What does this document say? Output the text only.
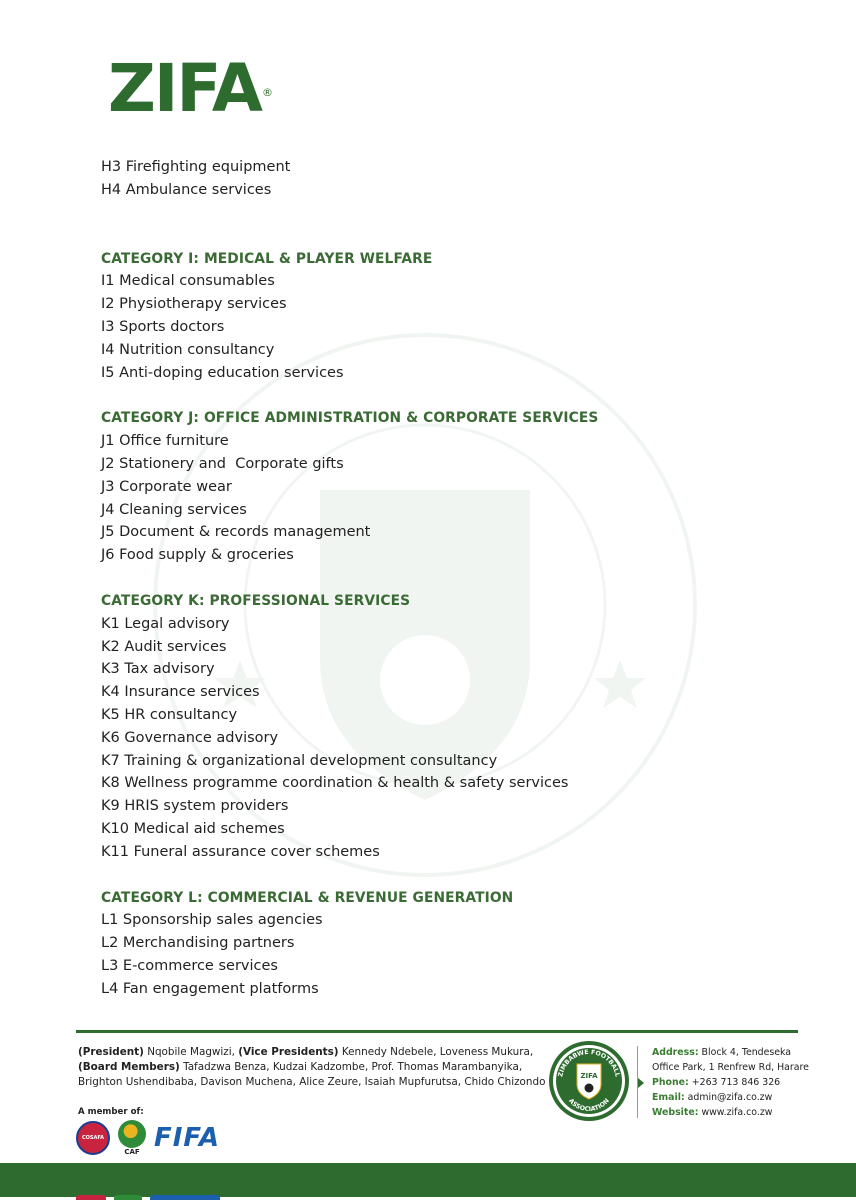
ZIFA ®
H3 Firefighting equipment
H4 Ambulance services
CATEGORY I: MEDICAL & PLAYER WELFARE
I1 Medical consumables
I2 Physiotherapy services
I3 Sports doctors
I4 Nutrition consultancy
I5 Anti-doping education services
CATEGORY J: OFFICE ADMINISTRATION & CORPORATE SERVICES
J1 Office furniture
J2 Stationery and  Corporate gifts
J3 Corporate wear
J4 Cleaning services
J5 Document & records management
J6 Food supply & groceries
CATEGORY K: PROFESSIONAL SERVICES
K1 Legal advisory
K2 Audit services
K3 Tax advisory
K4 Insurance services
K5 HR consultancy
K6 Governance advisory
K7 Training & organizational development consultancy
K8 Wellness programme coordination & health & safety services
K9 HRIS system providers
K10 Medical aid schemes
K11 Funeral assurance cover schemes
CATEGORY L: COMMERCIAL & REVENUE GENERATION
L1 Sponsorship sales agencies
L2 Merchandising partners
L3 E-commerce services
L4 Fan engagement platforms
(President) Nqobile Magwizi, (Vice Presidents) Kennedy Ndebele, Loveness Mukura,
(Board Members) Tafadzwa Benza, Kudzai Kadzombe, Prof. Thomas Marambanyika, Brighton Ushendibaba, Davison Muchena, Alice Zeure, Isaiah Mupfurutsa, Chido Chizondo
ZIMBABWE FOOTBALL
ASSOCIATION
ZIFA
Address: Block 4, Tendeseka
Office Park, 1 Renfrew Rd, Harare
Phone: +263 713 846 326
Email: admin@zifa.co.zw
Website: www.zifa.co.zw
A member of:
COSAFA
CAF FIFA
